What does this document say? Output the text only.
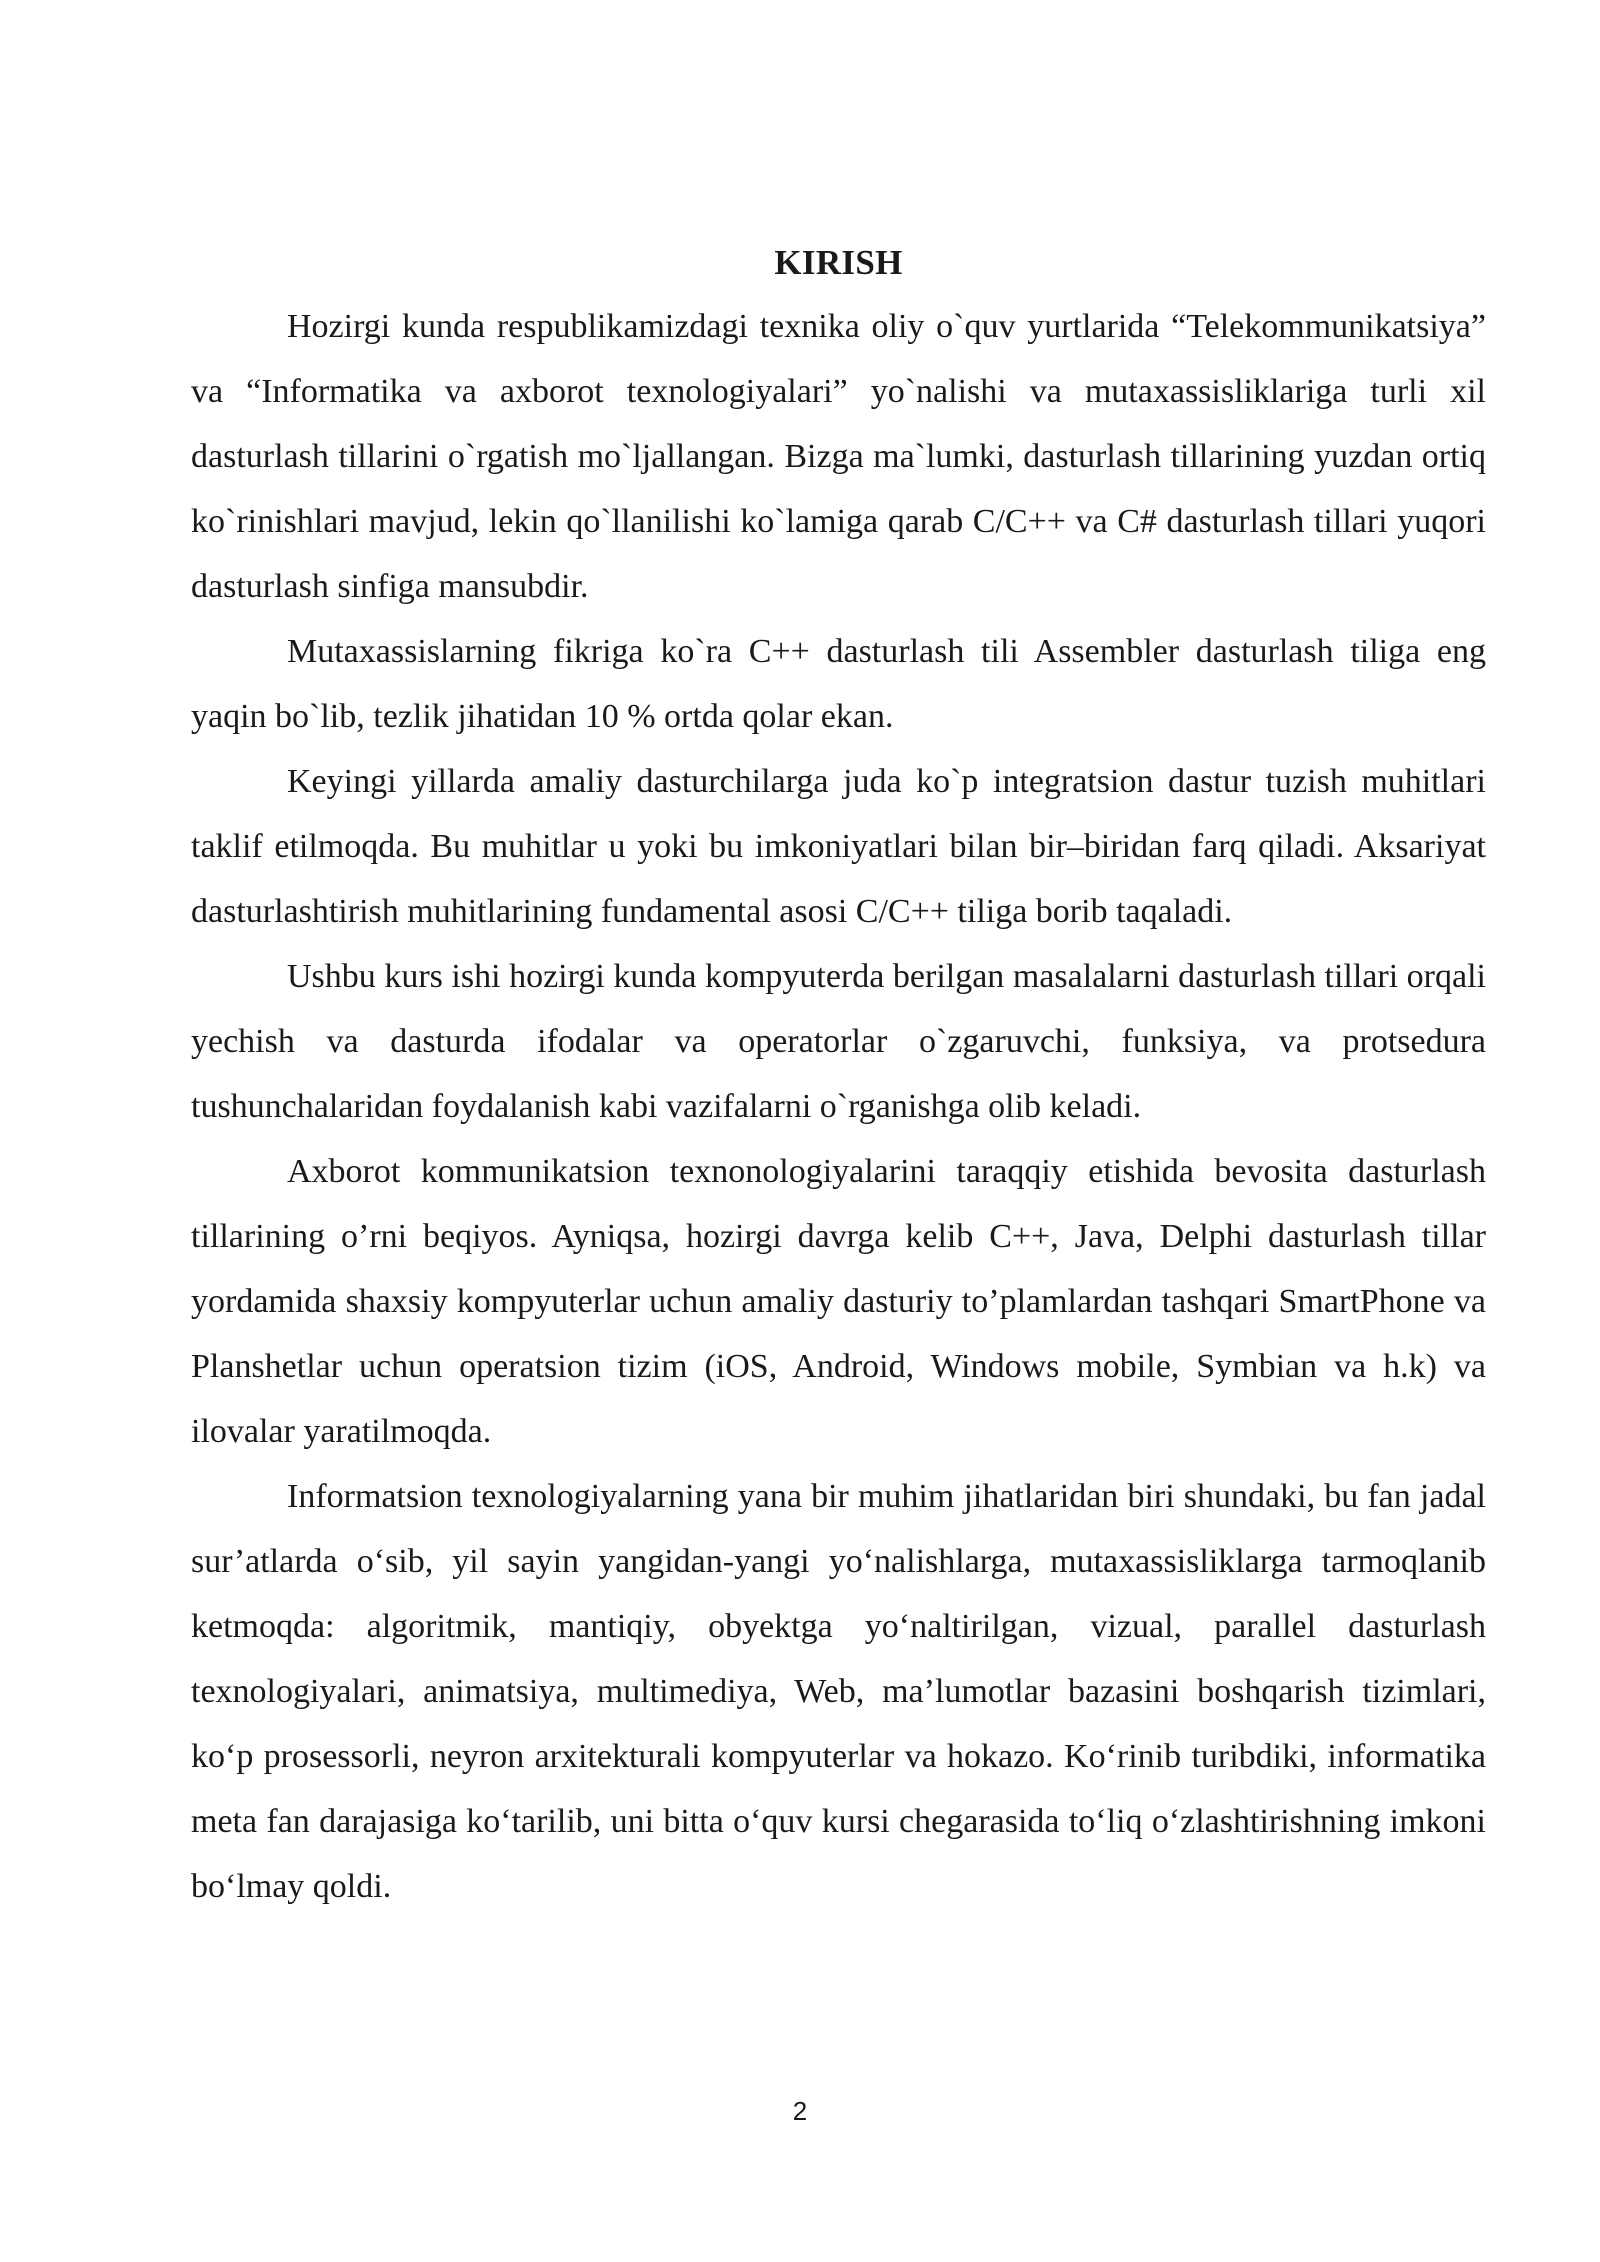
KIRISH

Hozirgi kunda respublikamizdagi texnika oliy o`quv yurtlarida “Telekommunikatsiya” va “Informatika va axborot texnologiyalari” yo`nalishi va mutaxassisliklariga turli xil dasturlash tillarini o`rgatish mo`ljallangan. Bizga ma`lumki, dasturlash tillarining yuzdan ortiq ko`rinishlari mavjud, lekin qo`llanilishi ko`lamiga qarab C/C++ va C# dasturlash tillari yuqori dasturlash sinfiga mansubdir.

Mutaxassislarning fikriga ko`ra C++ dasturlash tili Assembler dasturlash tiliga eng yaqin bo`lib, tezlik jihatidan 10 % ortda qolar ekan.

Keyingi yillarda amaliy dasturchilarga juda ko`p integratsion dastur tuzish muhitlari taklif etilmoqda. Bu muhitlar u yoki bu imkoniyatlari bilan bir–biridan farq qiladi. Aksariyat dasturlashtirish muhitlarining fundamental asosi C/C++ tiliga borib taqaladi.

Ushbu kurs ishi hozirgi kunda kompyuterda berilgan masalalarni dasturlash tillari orqali yechish va dasturda ifodalar va operatorlar o`zgaruvchi, funksiya, va protsedura tushunchalaridan foydalanish kabi vazifalarni o`rganishga olib keladi.

Axborot kommunikatsion texnonologiyalarini taraqqiy etishida bevosita dasturlash tillarining o’rni beqiyos. Ayniqsa, hozirgi davrga kelib C++, Java, Delphi dasturlash tillar yordamida shaxsiy kompyuterlar uchun amaliy dasturiy to’plamlardan tashqari SmartPhone va Planshetlar uchun operatsion tizim (iOS, Android, Windows mobile, Symbian va h.k) va ilovalar yaratilmoqda.

Informatsion texnologiyalarning yana bir muhim jihatlaridan biri shundaki, bu fan jadal sur’atlarda oʻsib, yil sayin yangidan-yangi yoʻnalishlarga, mutaxassisliklarga tarmoqlanib ketmoqda: algoritmik, mantiqiy, obyektga yoʻnaltirilgan, vizual, parallel dasturlash texnologiyalari, animatsiya, multimediya, Web, ma’lumotlar bazasini boshqarish tizimlari, koʻp prosessorli, neyron arxitekturali kompyuterlar va hokazo. Koʻrinib turibdiki, informatika meta fan darajasiga koʻtarilib, uni bitta oʻquv kursi chegarasida toʻliq oʻzlashtirishning imkoni boʻlmay qoldi.

2
